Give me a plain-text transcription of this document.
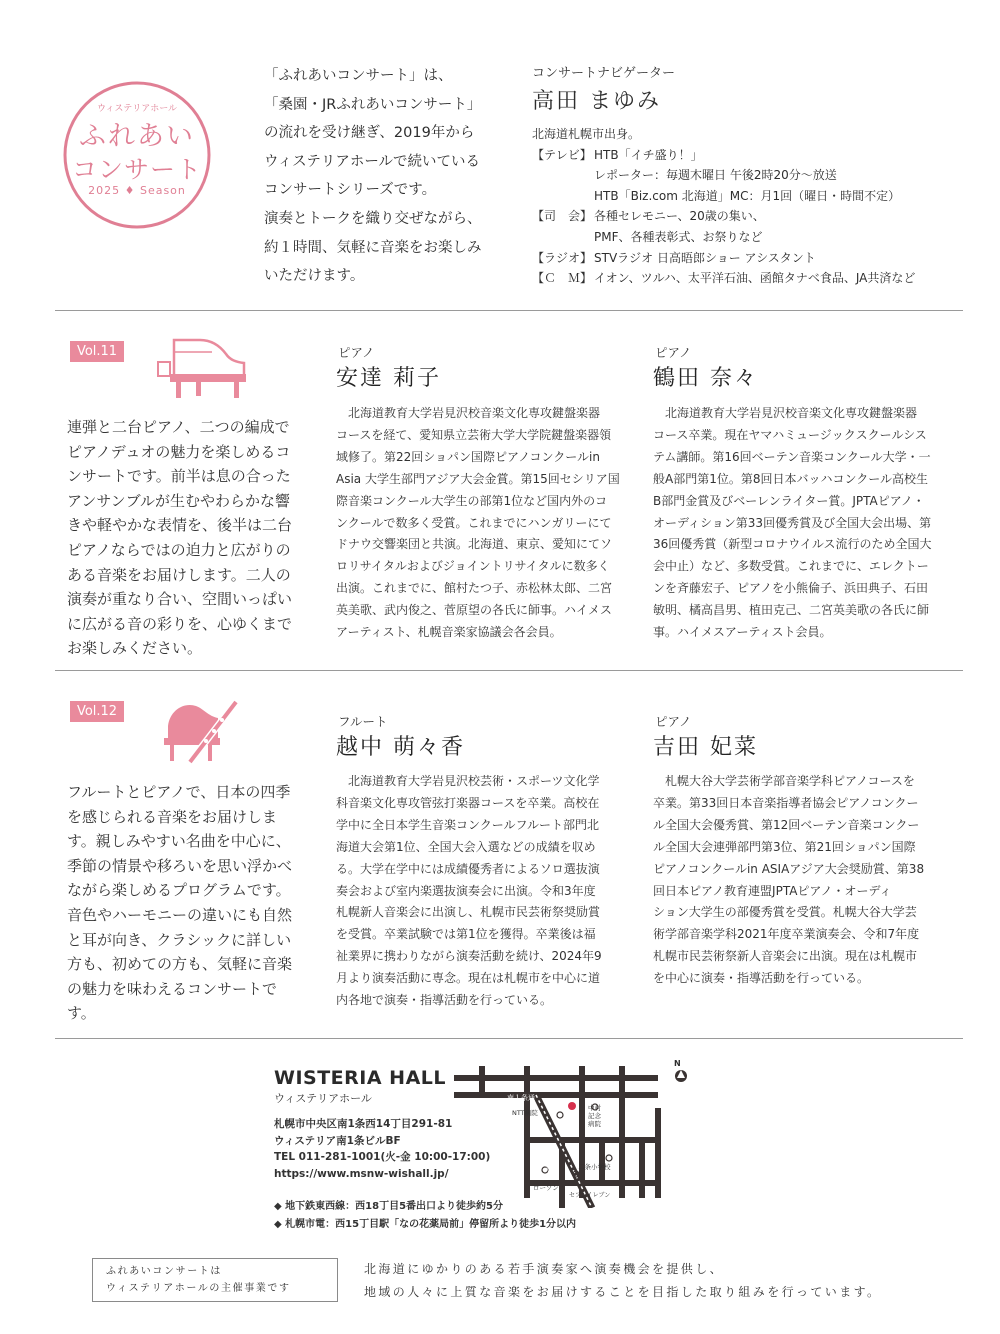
ウィステリアホール
ふれあい
コンサート
2025 ♦ Season

「ふれあいコンサート」は、

「桑園・JRふれあいコンサート」

の流れを受け継ぎ、2019年から

ウィステリアホールで続いている

コンサートシリーズです。

演奏とトークを織り交ぜながら、

約１時間、気軽に音楽をお楽しみ

いただけます。

コンサートナビゲーター
高田 まゆみ
北海道札幌市出身。
【テレビ】 HTB「イチ盛り！」
レポーター：毎週木曜日 午後2時20分～放送
HTB「Biz.com 北海道」MC：月1回（曜日・時間不定）
【司　会】 各種セレモニー、20歳の集い、
PMF、各種表彰式、お祭りなど
【ラジオ】 STVラジオ 日高晤郎ショー アシスタント
【Ｃ　Ｍ】 イオン、ツルハ、太平洋石油、函館タナベ食品、JA共済など
Vol.11

連弾と二台ピアノ、二つの編成で

ピアノデュオの魅力を楽しめるコ

ンサートです。前半は息の合った

アンサンブルが生むやわらかな響

きや軽やかな表情を、後半は二台

ピアノならではの迫力と広がりの

ある音楽をお届けします。二人の

演奏が重なり合い、空間いっぱい

に広がる音の彩りを、心ゆくまで

お楽しみください。

ピアノ
安達 莉子

　北海道教育大学岩見沢校音楽文化専攻鍵盤楽器

コースを経て、愛知県立芸術大学大学院鍵盤楽器領

域修了。第22回ショパン国際ピアノコンクールin

Asia 大学生部門アジア大会金賞。第15回セシリア国

際音楽コンクール大学生の部第1位など国内外のコ

ンクールで数多く受賞。これまでにハンガリーにて

ドナウ交響楽団と共演。北海道、東京、愛知にてソ

ロリサイタルおよびジョイントリサイタルに数多く

出演。これまでに、館村たつ子、赤松林太郎、二宮

英美歌、武内俊之、菅原望の各氏に師事。ハイメス

アーティスト、札幌音楽家協議会各会員。

ピアノ
鶴田 奈々

　北海道教育大学岩見沢校音楽文化専攻鍵盤楽器

コース卒業。現在ヤマハミュージックスクールシス

テム講師。第16回ベーテン音楽コンクール大学・一

般A部門第1位。第8回日本バッハコンクール高校生

B部門金賞及びベーレンライター賞。JPTAピアノ・

オーディション第33回優秀賞及び全国大会出場、第

36回優秀賞（新型コロナウイルス流行のため全国大

会中止）など、多数受賞。これまでに、エレクトー

ンを斉藤宏子、ピアノを小熊倫子、浜田典子、石田

敏明、橘高昌男、植田克己、二宮英美歌の各氏に師

事。ハイメスアーティスト会員。

Vol.12

フルートとピアノで、日本の四季

を感じられる音楽をお届けしま

す。親しみやすい名曲を中心に、

季節の情景や移ろいを思い浮かべ

ながら楽しめるプログラムです。

音色やハーモニーの違いにも自然

と耳が向き、クラシックに詳しい

方も、初めての方も、気軽に音楽

の魅力を味わえるコンサートで

す。

フルート
越中 萌々香

　北海道教育大学岩見沢校芸術・スポーツ文化学

科音楽文化専攻管弦打楽器コースを卒業。高校在

学中に全日本学生音楽コンクールフルート部門北

海道大会第1位、全国大会入選などの成績を収め

る。大学在学中には成績優秀者によるソロ選抜演

奏会および室内楽選抜演奏会に出演。令和3年度

札幌新人音楽会に出演し、札幌市民芸術祭奨励賞

を受賞。卒業試験では第1位を獲得。卒業後は福

祉業界に携わりながら演奏活動を続け、2024年9

月より演奏活動に専念。現在は札幌市を中心に道

内各地で演奏・指導活動を行っている。

ピアノ
吉田 妃菜

　札幌大谷大学芸術学部音楽学科ピアノコースを

卒業。第33回日本音楽指導者協会ピアノコンクー

ル全国大会優秀賞、第12回ベーテン音楽コンクー

ル全国大会連弾部門第3位、第21回ショパン国際

ピアノコンクールin ASIAアジア大会奨励賞、第38

回日本ピアノ教育連盟JPTAピアノ・オーディ

ション大学生の部優秀賞を受賞。札幌大谷大学芸

術学部音楽学科2021年度卒業演奏会、令和7年度

札幌市民芸術祭新人音楽会に出演。現在は札幌市

を中心に演奏・指導活動を行っている。

WISTERIA HALL
ウィステリアホール
札幌市中央区南1条西14丁目291-81
ウィステリア南1条ビルBF
TEL 011-281-1001(火-金 10:00-17:00)
https://www.msnw-wishall.jp/
◆ 地下鉄東西線：西18丁目5番出口より徒歩約5分
◆ 札幌市電：西15丁目駅「なの花薬局前」停留所より徒歩1分以内
N
南１条通
NTT病院
中村記念病院
市電線路	二条小学校
ローソン
セブンイレブン
ふれあいコンサートは
ウィステリアホールの主催事業です

北海道にゆかりのある若手演奏家へ演奏機会を提供し、

地域の人々に上質な音楽をお届けすることを目指した取り組みを行っています。
